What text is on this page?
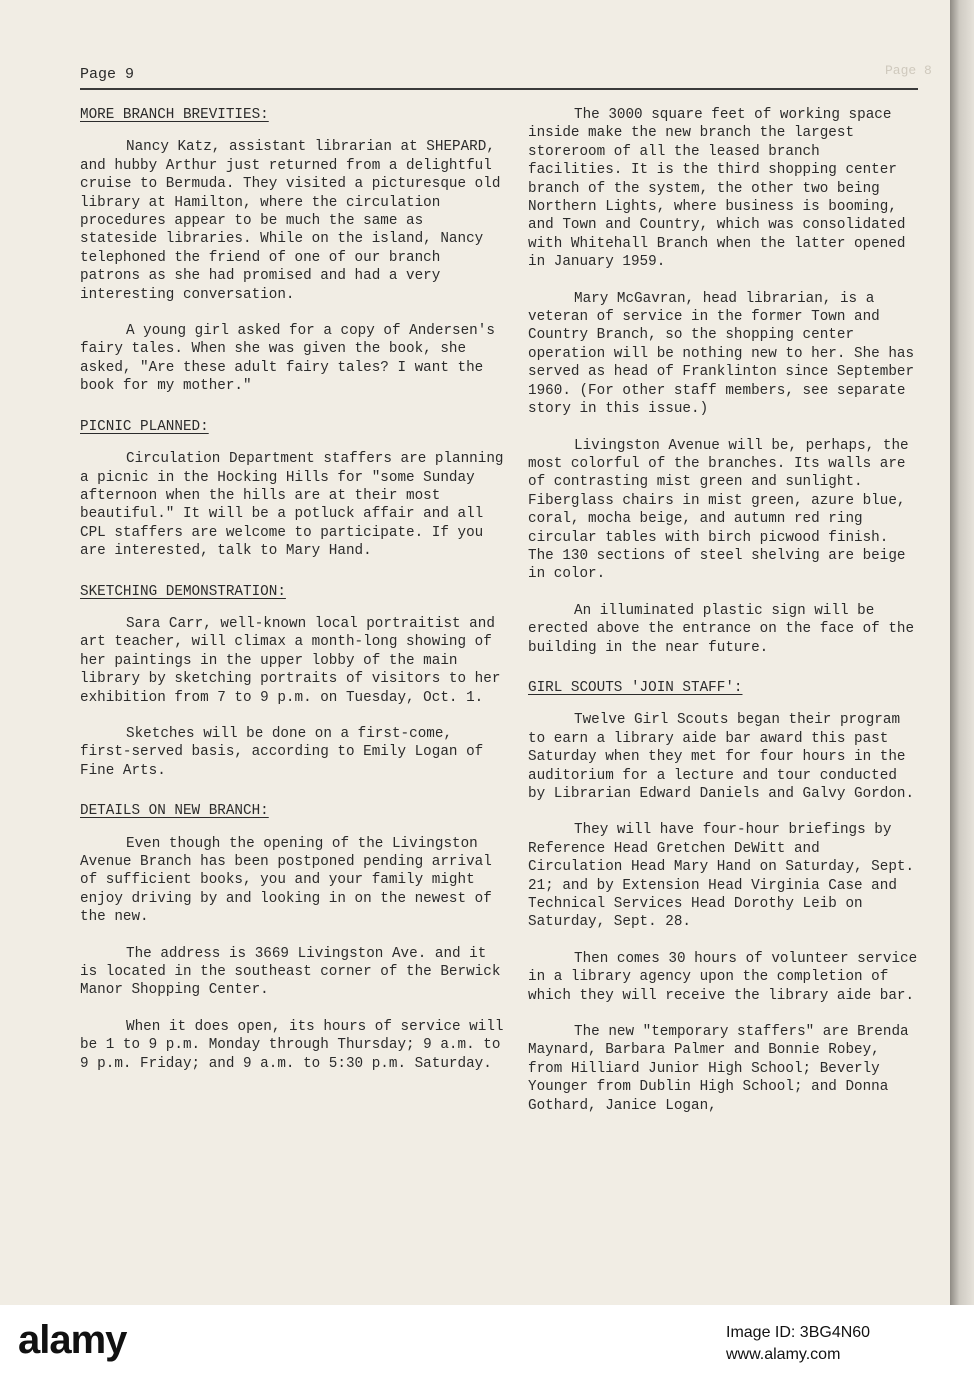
Page 8
Page 9

MORE BRANCH BREVITIES:

Nancy Katz, assistant librarian at SHEPARD, and hubby Arthur just returned from a delightful cruise to Bermuda. They visited a picturesque old library at Hamilton, where the circulation procedures appear to be much the same as stateside libraries. While on the island, Nancy telephoned the friend of one of our branch patrons as she had promised and had a very interesting conversation.

A young girl asked for a copy of Andersen's fairy tales. When she was given the book, she asked, "Are these adult fairy tales? I want the book for my mother."

PICNIC PLANNED:

Circulation Department staffers are planning a picnic in the Hocking Hills for "some Sunday afternoon when the hills are at their most beautiful." It will be a potluck affair and all CPL staffers are welcome to participate. If you are interested, talk to Mary Hand.

SKETCHING DEMONSTRATION:

Sara Carr, well-known local portraitist and art teacher, will climax a month-long showing of her paintings in the upper lobby of the main library by sketching portraits of visitors to her exhibition from 7 to 9 p.m. on Tuesday, Oct. 1.

Sketches will be done on a first-come, first-served basis, according to Emily Logan of Fine Arts.

DETAILS ON NEW BRANCH:

Even though the opening of the Livingston Avenue Branch has been postponed pending arrival of sufficient books, you and your family might enjoy driving by and looking in on the newest of the new.

The address is 3669 Livingston Ave. and it is located in the southeast corner of the Berwick Manor Shopping Center.

When it does open, its hours of service will be 1 to 9 p.m. Monday through Thursday; 9 a.m. to 9 p.m. Friday; and 9 a.m. to 5:30 p.m. Saturday.

The 3000 square feet of working space inside make the new branch the largest storeroom of all the leased branch facilities. It is the third shopping center branch of the system, the other two being Northern Lights, where business is booming, and Town and Country, which was consolidated with Whitehall Branch when the latter opened in January 1959.

Mary McGavran, head librarian, is a veteran of service in the former Town and Country Branch, so the shopping center operation will be nothing new to her. She has served as head of Franklinton since September 1960. (For other staff members, see separate story in this issue.)

Livingston Avenue will be, perhaps, the most colorful of the branches. Its walls are of contrasting mist green and sunlight. Fiberglass chairs in mist green, azure blue, coral, mocha beige, and autumn red ring circular tables with birch picwood finish. The 130 sections of steel shelving are beige in color.

An illuminated plastic sign will be erected above the entrance on the face of the building in the near future.

GIRL SCOUTS 'JOIN STAFF':

Twelve Girl Scouts began their program to earn a library aide bar award this past Saturday when they met for four hours in the auditorium for a lecture and tour conducted by Librarian Edward Daniels and Galvy Gordon.

They will have four-hour briefings by Reference Head Gretchen DeWitt and Circulation Head Mary Hand on Saturday, Sept. 21; and by Extension Head Virginia Case and Technical Services Head Dorothy Leib on Saturday, Sept. 28.

Then comes 30 hours of volunteer service in a library agency upon the completion of which they will receive the library aide bar.

The new "temporary staffers" are Brenda Maynard, Barbara Palmer and Bonnie Robey, from Hilliard Junior High School; Beverly Younger from Dublin High School; and Donna Gothard, Janice Logan,

alamy	Image ID: 3BG4N60
www.alamy.com
